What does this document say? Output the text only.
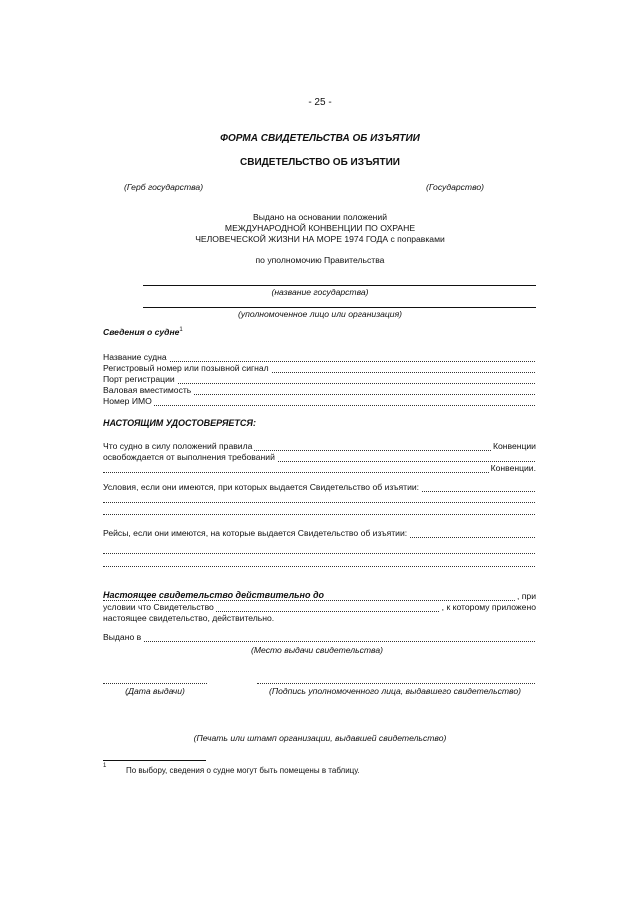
- 25 -
ФОРМА СВИДЕТЕЛЬСТВА ОБ ИЗЪЯТИИ
СВИДЕТЕЛЬСТВО ОБ ИЗЪЯТИИ
(Герб государства)	(Государство)
Выдано на основании положений
МЕЖДУНАРОДНОЙ КОНВЕНЦИИ ПО ОХРАНЕ
ЧЕЛОВЕЧЕСКОЙ ЖИЗНИ НА МОРЕ 1974 ГОДА с поправками
по уполномочию Правительства
(название государства)
(уполномоченное лицо или организация)
Сведения о судне$^1$
Название судна
Регистровый номер или позывной сигнал
Порт регистрации
Валовая вместимость
Номер ИМО
НАСТОЯЩИМ УДОСТОВЕРЯЕТСЯ:
Что судно в силу положений правила	Конвенции
освобождается от выполнения требований
Конвенции.
Условия, если они имеются, при которых выдается Свидетельство об изъятии:
Рейсы, если они имеются, на которые выдается Свидетельство об изъятии:
Настоящее свидетельство действительно до	, при
условии что Свидетельство	, к которому приложено
настоящее свидетельство, действительно.
Выдано в
(Место выдачи свидетельства)
(Дата выдачи)	(Подпись уполномоченного лица, выдавшего свидетельство)
(Печать или штамп организации, выдавшей свидетельство)
1 По выбору, сведения о судне могут быть помещены в таблицу.
